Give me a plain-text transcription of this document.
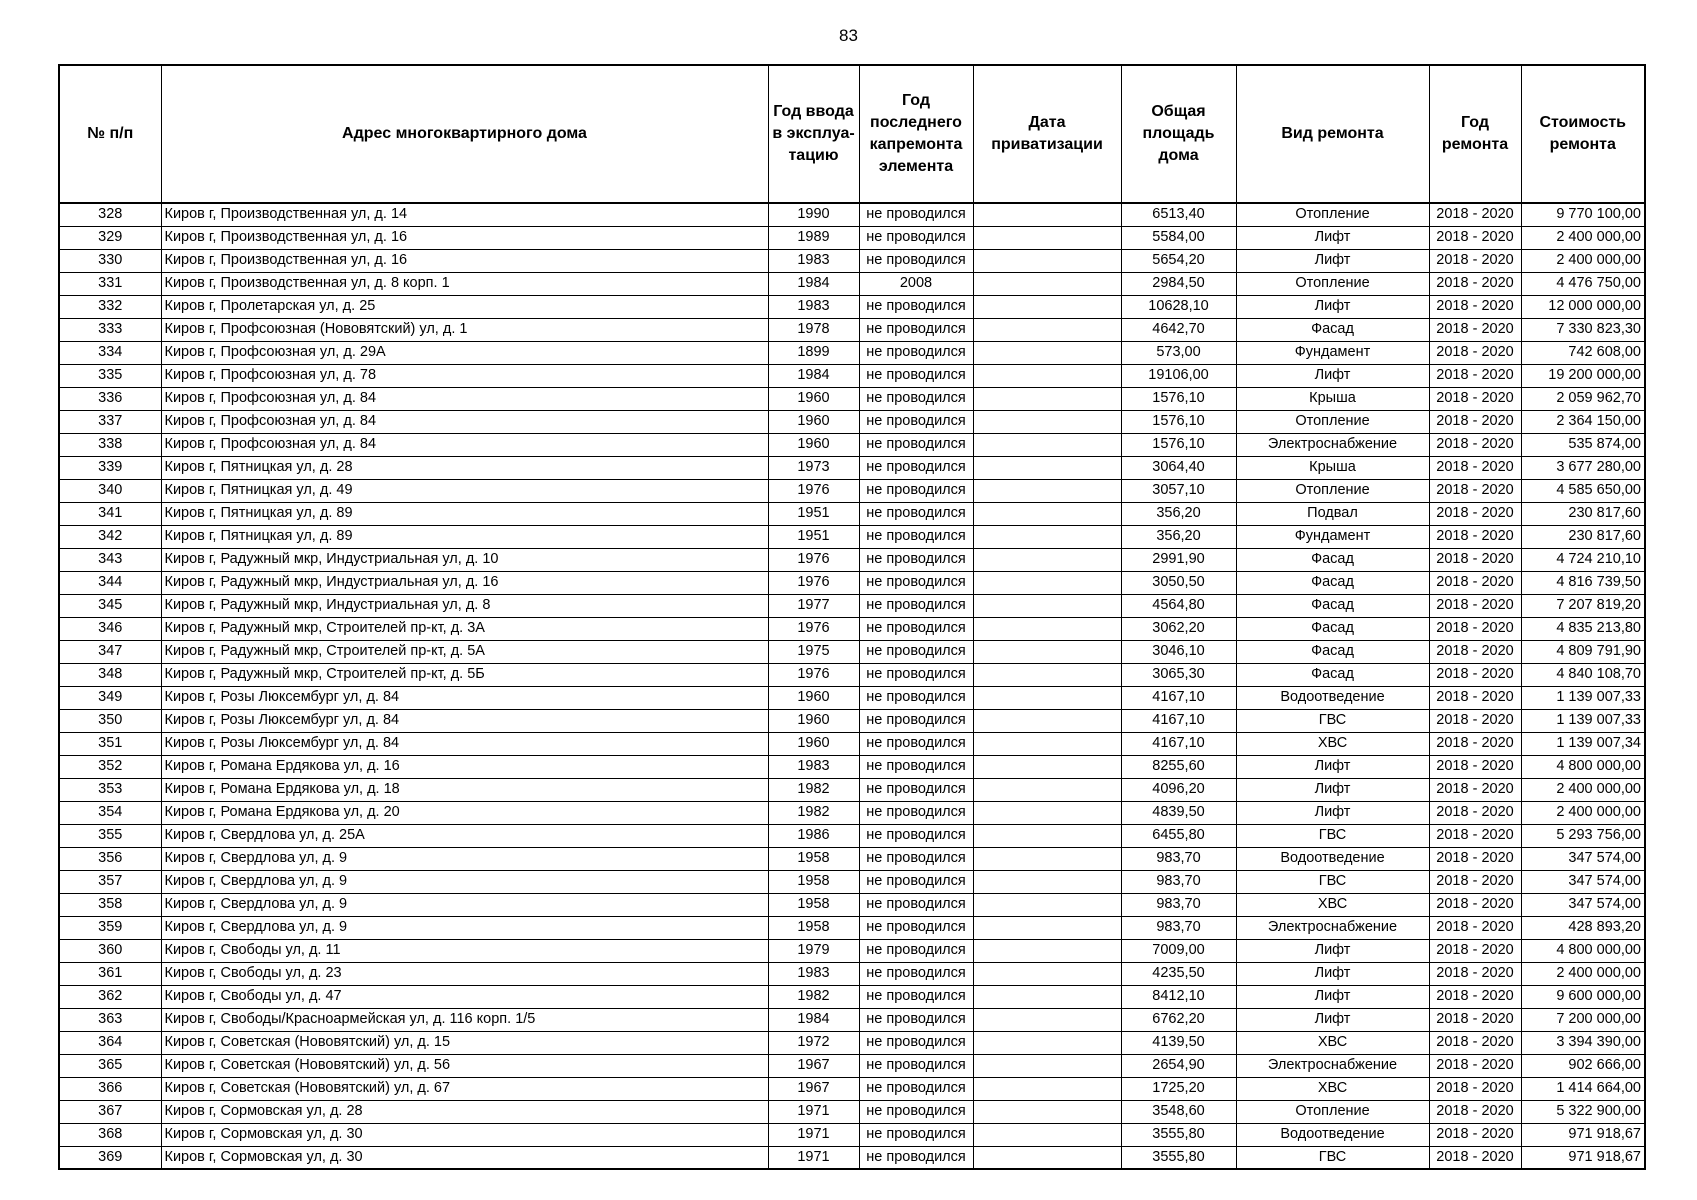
83
№ п/п	Адрес многоквартирного дома	Год ввода в эксплуа-тацию	Год последнего капремонта элемента	Дата приватизации	Общая площадь дома	Вид ремонта	Год ремонта	Стоимость ремонта
328	Киров г, Производственная ул, д. 14	1990	не проводился		6513,40	Отопление	2018 - 2020	9 770 100,00
329	Киров г, Производственная ул, д. 16	1989	не проводился		5584,00	Лифт	2018 - 2020	2 400 000,00
330	Киров г, Производственная ул, д. 16	1983	не проводился		5654,20	Лифт	2018 - 2020	2 400 000,00
331	Киров г, Производственная ул, д. 8 корп. 1	1984	2008		2984,50	Отопление	2018 - 2020	4 476 750,00
332	Киров г, Пролетарская ул, д. 25	1983	не проводился		10628,10	Лифт	2018 - 2020	12 000 000,00
333	Киров г, Профсоюзная (Нововятский) ул, д. 1	1978	не проводился		4642,70	Фасад	2018 - 2020	7 330 823,30
334	Киров г, Профсоюзная ул, д. 29А	1899	не проводился		573,00	Фундамент	2018 - 2020	742 608,00
335	Киров г, Профсоюзная ул, д. 78	1984	не проводился		19106,00	Лифт	2018 - 2020	19 200 000,00
336	Киров г, Профсоюзная ул, д. 84	1960	не проводился		1576,10	Крыша	2018 - 2020	2 059 962,70
337	Киров г, Профсоюзная ул, д. 84	1960	не проводился		1576,10	Отопление	2018 - 2020	2 364 150,00
338	Киров г, Профсоюзная ул, д. 84	1960	не проводился		1576,10	Электроснабжение	2018 - 2020	535 874,00
339	Киров г, Пятницкая ул, д. 28	1973	не проводился		3064,40	Крыша	2018 - 2020	3 677 280,00
340	Киров г, Пятницкая ул, д. 49	1976	не проводился		3057,10	Отопление	2018 - 2020	4 585 650,00
341	Киров г, Пятницкая ул, д. 89	1951	не проводился		356,20	Подвал	2018 - 2020	230 817,60
342	Киров г, Пятницкая ул, д. 89	1951	не проводился		356,20	Фундамент	2018 - 2020	230 817,60
343	Киров г, Радужный мкр, Индустриальная ул, д. 10	1976	не проводился		2991,90	Фасад	2018 - 2020	4 724 210,10
344	Киров г, Радужный мкр, Индустриальная ул, д. 16	1976	не проводился		3050,50	Фасад	2018 - 2020	4 816 739,50
345	Киров г, Радужный мкр, Индустриальная ул, д. 8	1977	не проводился		4564,80	Фасад	2018 - 2020	7 207 819,20
346	Киров г, Радужный мкр, Строителей пр-кт, д. 3А	1976	не проводился		3062,20	Фасад	2018 - 2020	4 835 213,80
347	Киров г, Радужный мкр, Строителей пр-кт, д. 5А	1975	не проводился		3046,10	Фасад	2018 - 2020	4 809 791,90
348	Киров г, Радужный мкр, Строителей пр-кт, д. 5Б	1976	не проводился		3065,30	Фасад	2018 - 2020	4 840 108,70
349	Киров г, Розы Люксембург ул, д. 84	1960	не проводился		4167,10	Водоотведение	2018 - 2020	1 139 007,33
350	Киров г, Розы Люксембург ул, д. 84	1960	не проводился		4167,10	ГВС	2018 - 2020	1 139 007,33
351	Киров г, Розы Люксембург ул, д. 84	1960	не проводился		4167,10	ХВС	2018 - 2020	1 139 007,34
352	Киров г, Романа Ердякова ул, д. 16	1983	не проводился		8255,60	Лифт	2018 - 2020	4 800 000,00
353	Киров г, Романа Ердякова ул, д. 18	1982	не проводился		4096,20	Лифт	2018 - 2020	2 400 000,00
354	Киров г, Романа Ердякова ул, д. 20	1982	не проводился		4839,50	Лифт	2018 - 2020	2 400 000,00
355	Киров г, Свердлова ул, д. 25А	1986	не проводился		6455,80	ГВС	2018 - 2020	5 293 756,00
356	Киров г, Свердлова ул, д. 9	1958	не проводился		983,70	Водоотведение	2018 - 2020	347 574,00
357	Киров г, Свердлова ул, д. 9	1958	не проводился		983,70	ГВС	2018 - 2020	347 574,00
358	Киров г, Свердлова ул, д. 9	1958	не проводился		983,70	ХВС	2018 - 2020	347 574,00
359	Киров г, Свердлова ул, д. 9	1958	не проводился		983,70	Электроснабжение	2018 - 2020	428 893,20
360	Киров г, Свободы ул, д. 11	1979	не проводился		7009,00	Лифт	2018 - 2020	4 800 000,00
361	Киров г, Свободы ул, д. 23	1983	не проводился		4235,50	Лифт	2018 - 2020	2 400 000,00
362	Киров г, Свободы ул, д. 47	1982	не проводился		8412,10	Лифт	2018 - 2020	9 600 000,00
363	Киров г, Свободы/Красноармейская ул, д. 116 корп. 1/5	1984	не проводился		6762,20	Лифт	2018 - 2020	7 200 000,00
364	Киров г, Советская (Нововятский) ул, д. 15	1972	не проводился		4139,50	ХВС	2018 - 2020	3 394 390,00
365	Киров г, Советская (Нововятский) ул, д. 56	1967	не проводился		2654,90	Электроснабжение	2018 - 2020	902 666,00
366	Киров г, Советская (Нововятский) ул, д. 67	1967	не проводился		1725,20	ХВС	2018 - 2020	1 414 664,00
367	Киров г, Сормовская ул, д. 28	1971	не проводился		3548,60	Отопление	2018 - 2020	5 322 900,00
368	Киров г, Сормовская ул, д. 30	1971	не проводился		3555,80	Водоотведение	2018 - 2020	971 918,67
369	Киров г, Сормовская ул, д. 30	1971	не проводился		3555,80	ГВС	2018 - 2020	971 918,67
